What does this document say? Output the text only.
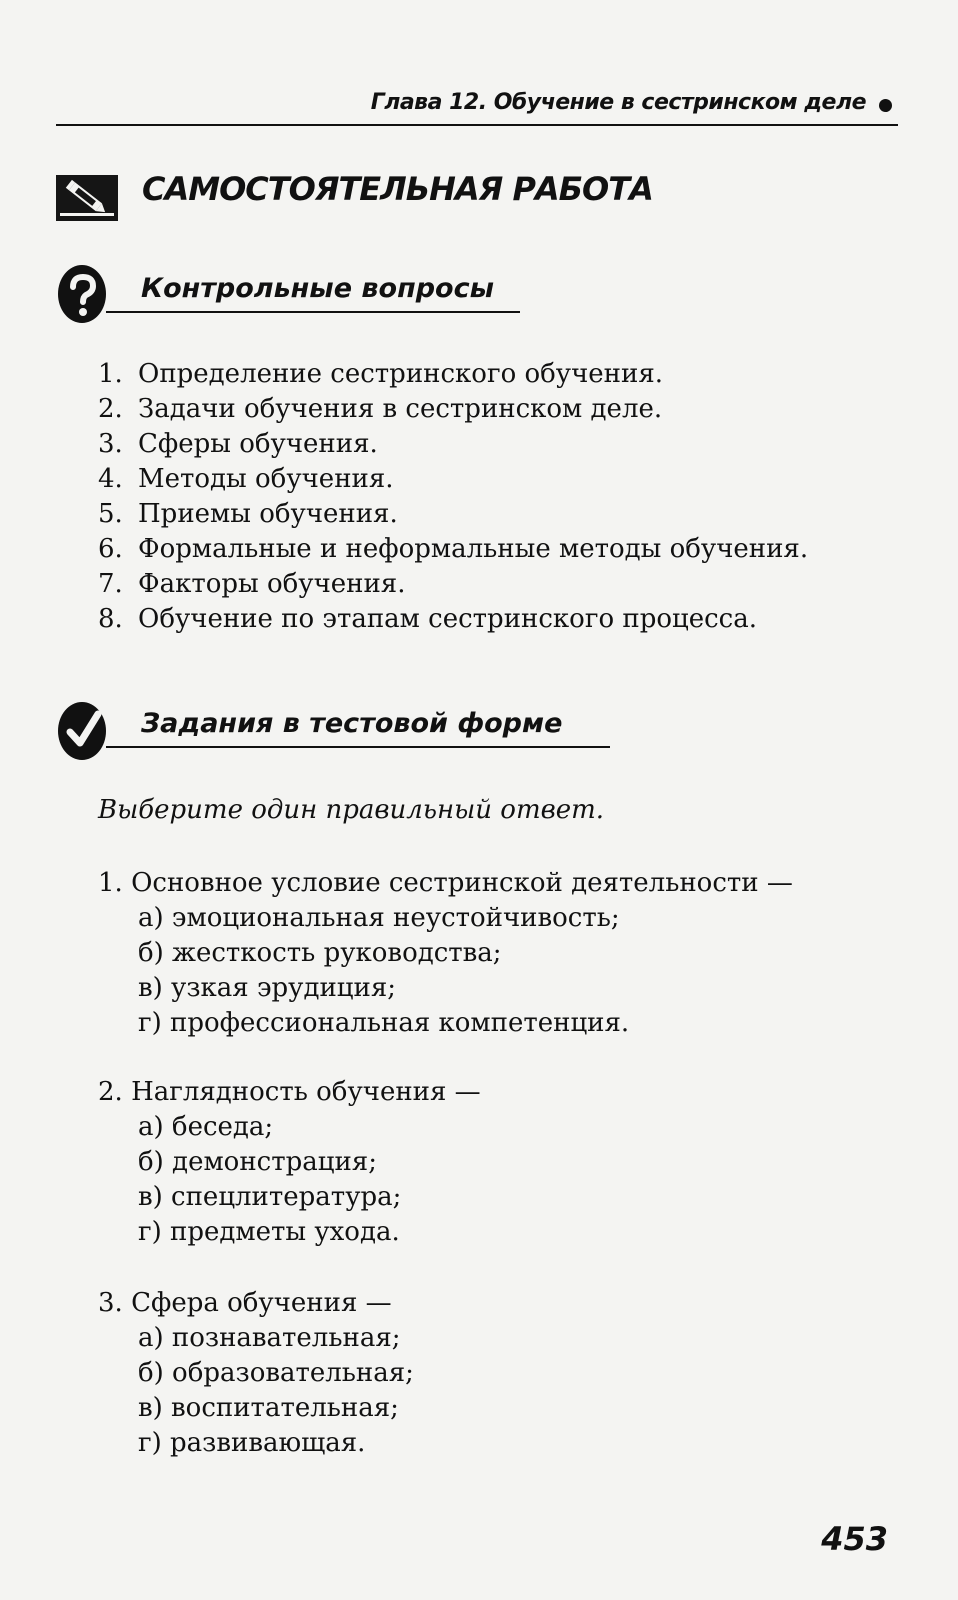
Глава 12. Обучение в сестринском деле
САМОСТОЯТЕЛЬНАЯ РАБОТА
Контрольные вопросы
1. Определение сестринского обучения.
2. Задачи обучения в сестринском деле.
3. Сферы обучения.
4. Методы обучения.
5. Приемы обучения.
6. Формальные и неформальные методы обучения.
7. Факторы обучения.
8. Обучение по этапам сестринского процесса.
Задания в тестовой форме
Выберите один правильный ответ.
1. Основное условие сестринской деятельности —
а) эмоциональная неустойчивость;
б) жесткость руководства;
в) узкая эрудиция;
г) профессиональная компетенция.
2. Наглядность обучения —
а) беседа;
б) демонстрация;
в) спецлитература;
г) предметы ухода.
3. Сфера обучения —
а) познавательная;
б) образовательная;
в) воспитательная;
г) развивающая.
453
